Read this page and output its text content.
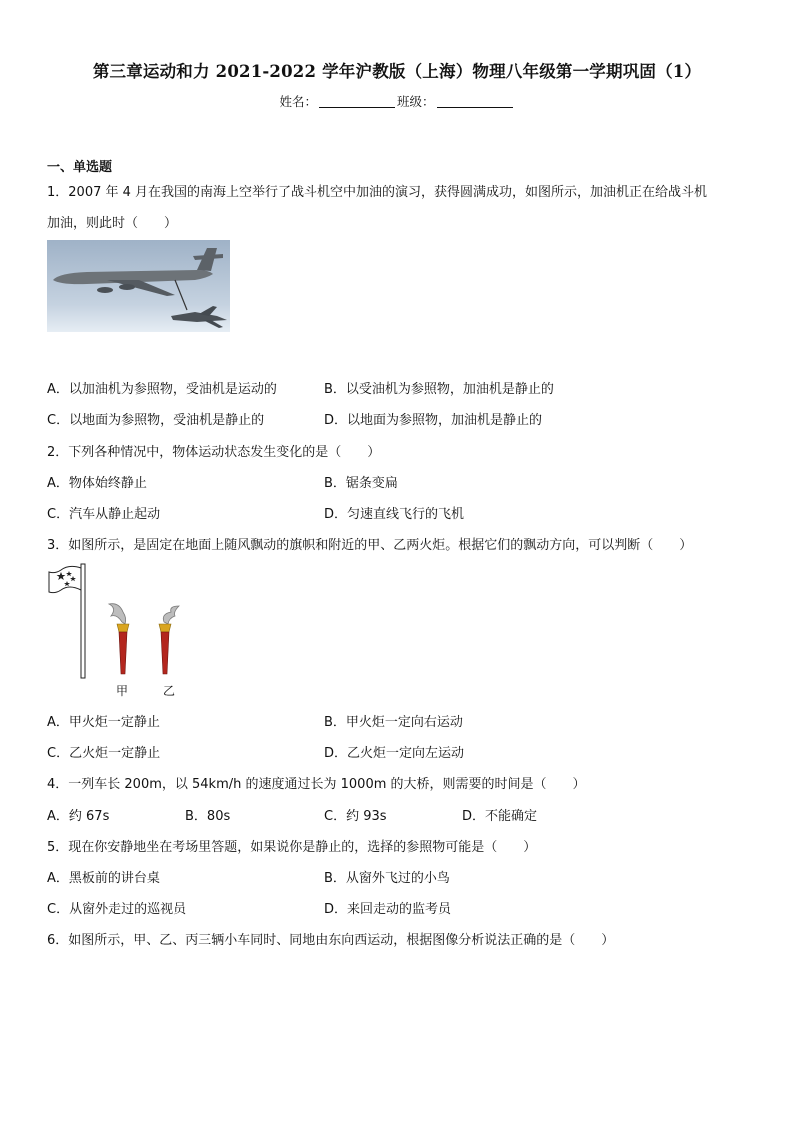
第三章运动和力 2021-2022 学年沪教版（上海）物理八年级第一学期巩固（1）
姓名：	班级：
一、单选题
1．2007 年 4 月在我国的南海上空举行了战斗机空中加油的演习，获得圆满成功，如图所示，加油机正在给战斗机
加油，则此时（　　）
A．以加油机为参照物，受油机是运动的	B．以受油机为参照物，加油机是静止的
C．以地面为参照物，受油机是静止的	D．以地面为参照物，加油机是静止的
2．下列各种情况中，物体运动状态发生变化的是（　　）
A．物体始终静止	B．锯条变扁
C．汽车从静止起动	D．匀速直线飞行的飞机
3．如图所示，是固定在地面上随风飘动的旗帜和附近的甲、乙两火炬。根据它们的飘动方向，可以判断（　　）
甲	乙
A．甲火炬一定静止	B．甲火炬一定向右运动
C．乙火炬一定静止	D．乙火炬一定向左运动
4．一列车长 200m，以 54km/h 的速度通过长为 1000m 的大桥，则需要的时间是（　　）
A．约 67s	B．80s	C．约 93s	D．不能确定
5．现在你安静地坐在考场里答题，如果说你是静止的，选择的参照物可能是（　　）
A．黑板前的讲台桌	B．从窗外飞过的小鸟
C．从窗外走过的巡视员	D．来回走动的监考员
6．如图所示，甲、乙、丙三辆小车同时、同地由东向西运动，根据图像分析说法正确的是（　　）
